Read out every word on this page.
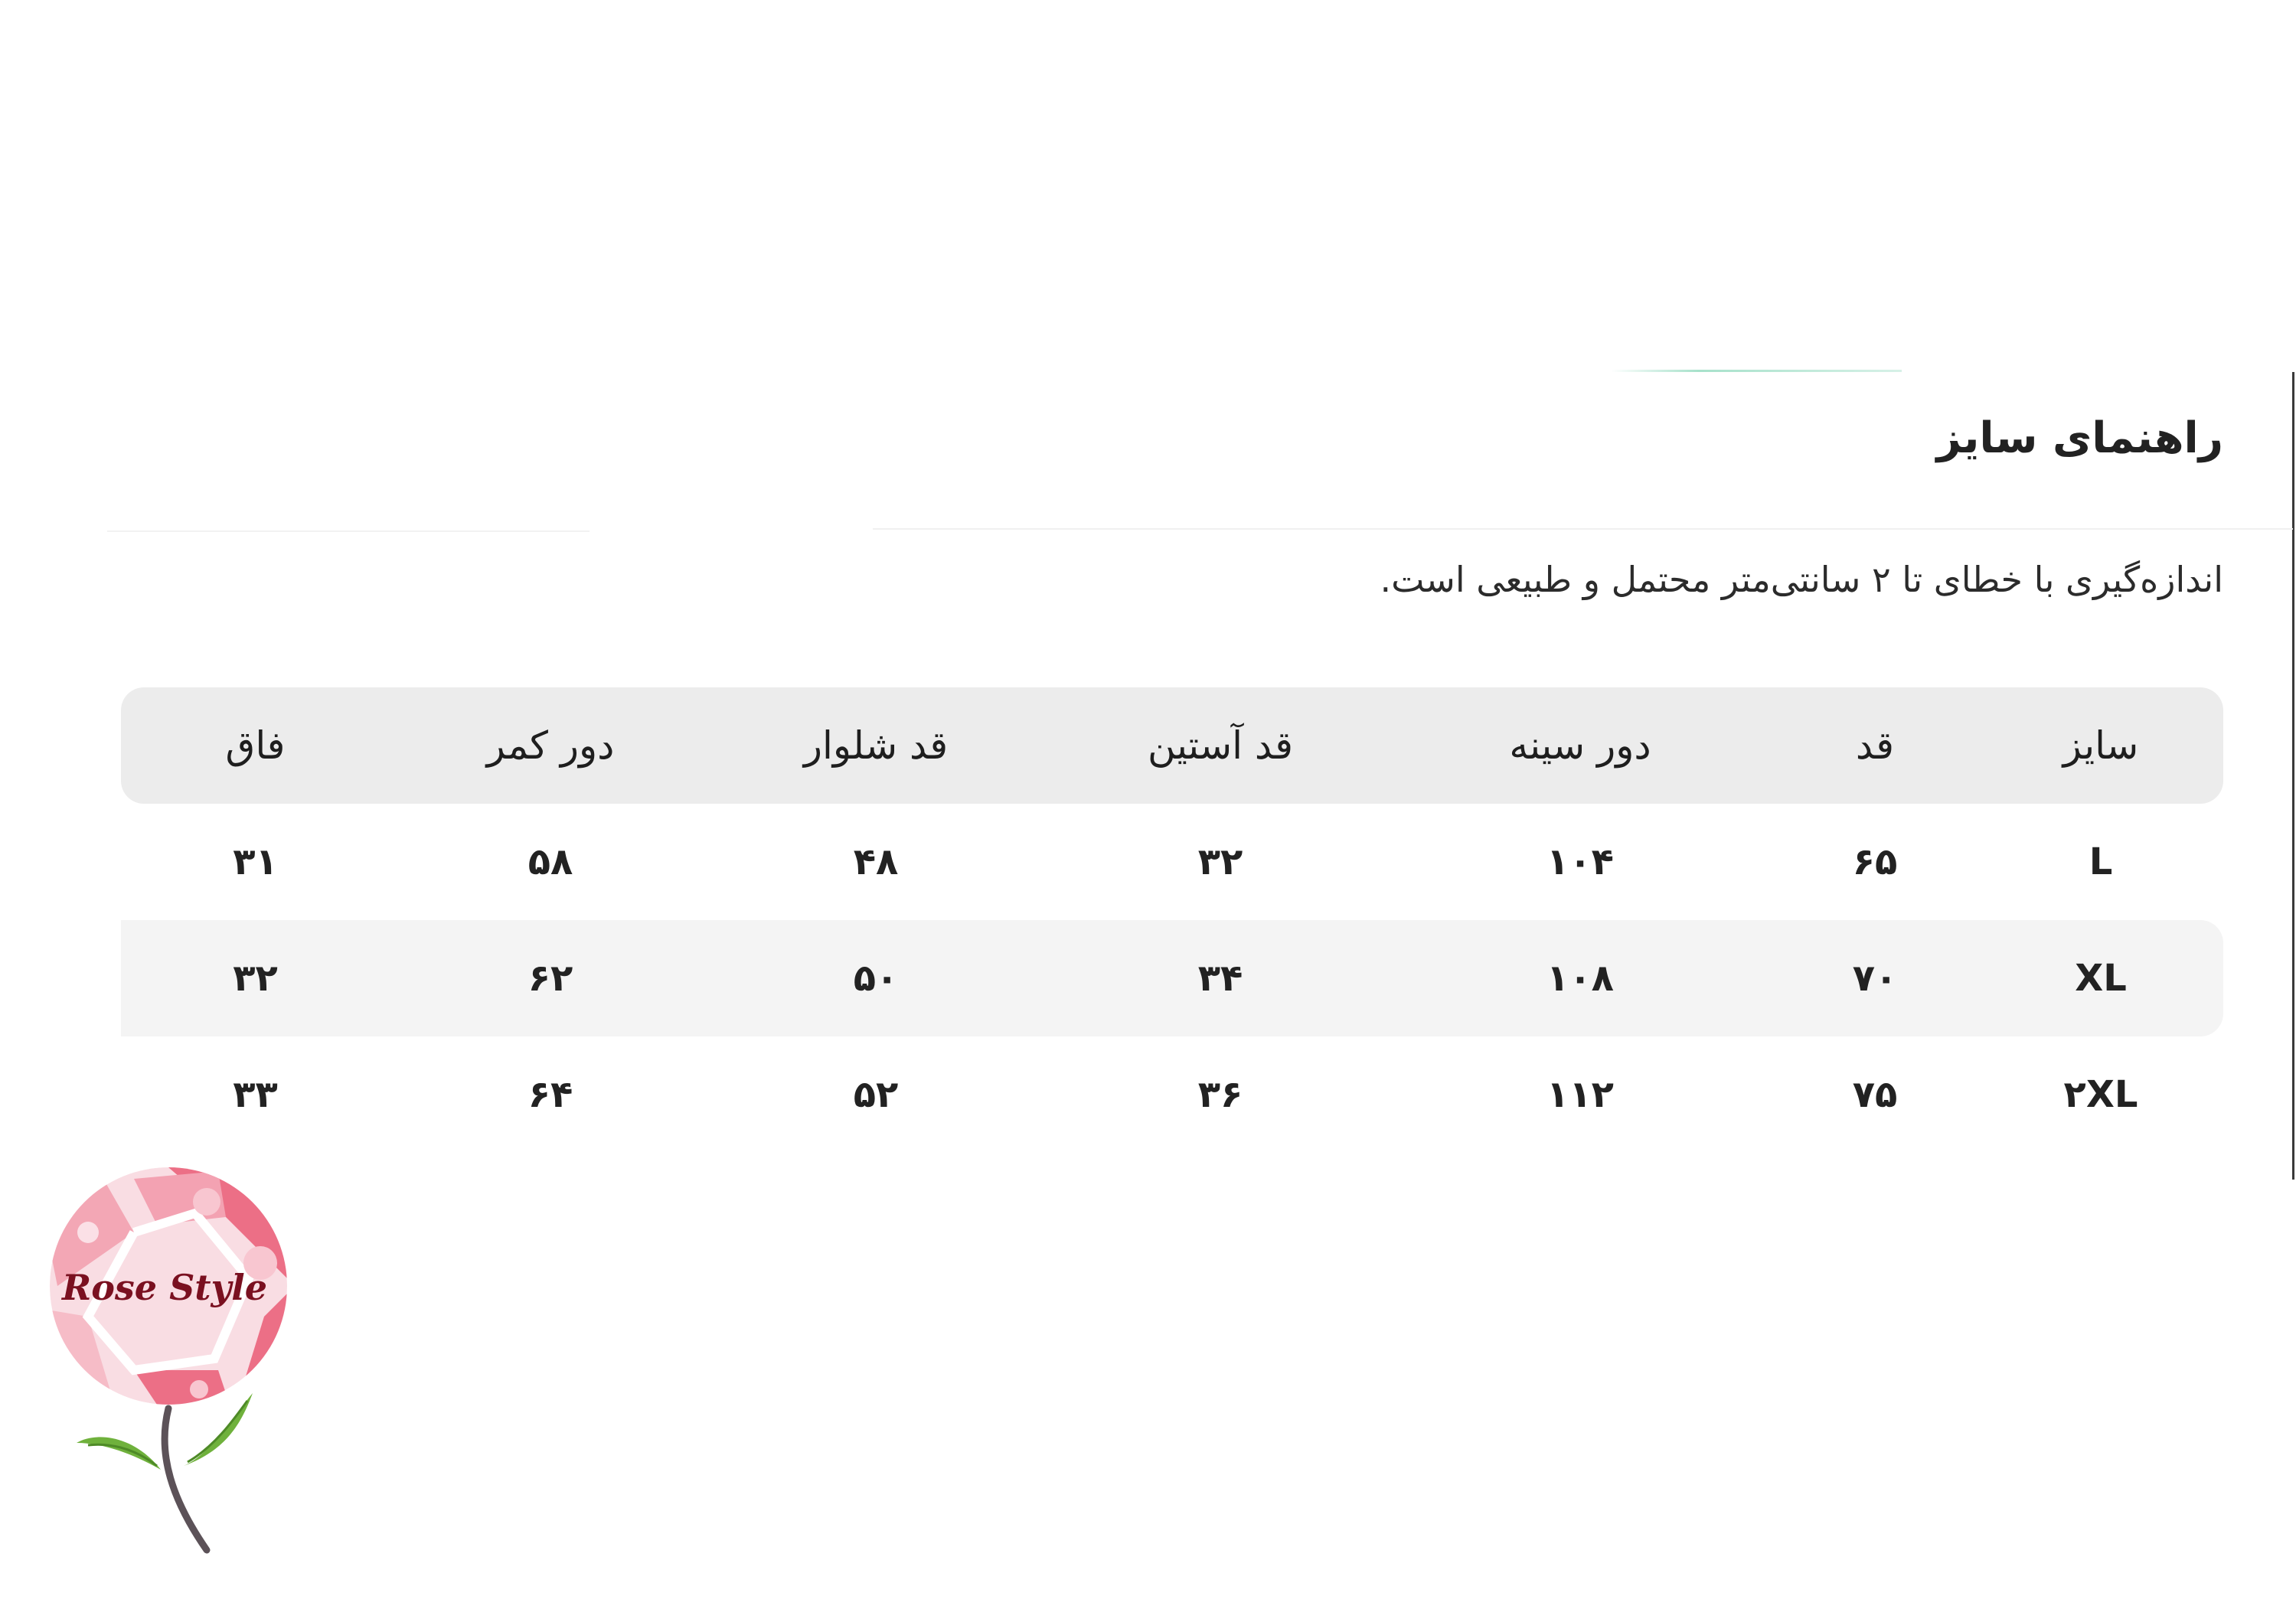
راهنمای سایز
اندازه‌گیری با خطای تا ۲ سانتی‌متر محتمل و طبیعی است.
سایز
قد
دور سینه
قد آستین
قد شلوار
دور کمر
فاق
L
۶۵
۱۰۴
۳۲
۴۸
۵۸
۳۱
XL
۷۰
۱۰۸
۳۴
۵۰
۶۲
۳۲
۲XL
۷۵
۱۱۲
۳۶
۵۲
۶۴
۳۳
Rose Style
